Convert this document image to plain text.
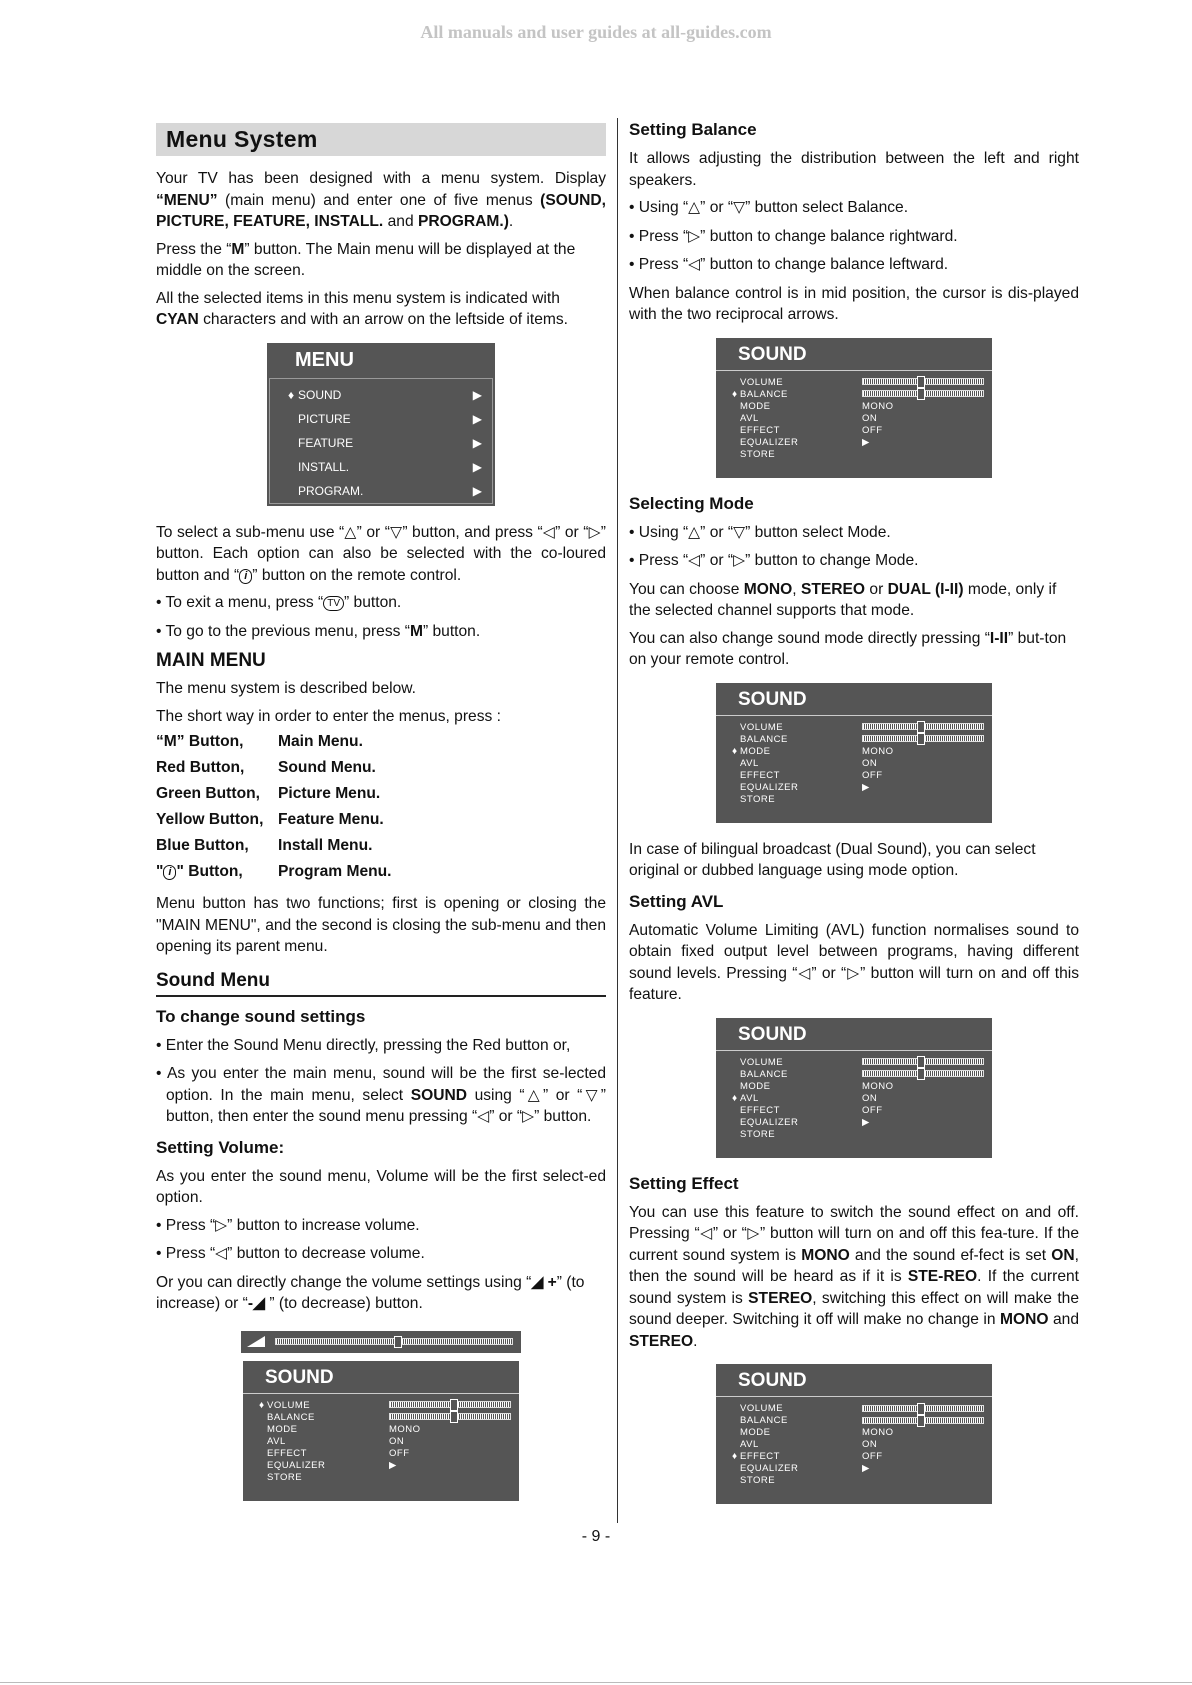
All manuals and user guides at all-guides.com
Menu System

Your TV has been designed with a menu system. Display “MENU” (main menu) and enter one of five menus (SOUND, PICTURE, FEATURE, INSTALL. and PROGRAM.).

Press the “M” button. The Main menu will be displayed at the middle on the screen.

All the selected items in this menu system is indicated with CYAN characters and with an arrow on the leftside of items.

MENU
♦ SOUND	▶
PICTURE	▶
FEATURE	▶
INSTALL.	▶
PROGRAM.	▶

To select a sub-menu use “△” or “▽” button, and press “◁” or “▷” button. Each option can also be selected with the co-loured button and “ i ” button on the remote control.

• To exit a menu, press “ TV ” button.

• To go to the previous menu, press “M” button.

MAIN MENU

The menu system is described below.

The short way in order to enter the menus, press :

“M” Button,	Main Menu.
Red Button,	Sound Menu.
Green Button,	Picture Menu.
Yellow Button,	Feature Menu.
Blue Button,	Install Menu.
" i " Button,	Program Menu.

Menu button has two functions; first is opening or closing the "MAIN MENU", and the second is closing the sub-menu and then opening its parent menu.

Sound Menu
To change sound settings

• Enter the Sound Menu directly, pressing the Red button or,

• As you enter the main menu, sound will be the first se-lected option. In the main menu, select SOUND using “△” or “▽” button, then enter the sound menu pressing “◁” or “▷” button.

Setting Volume:

As you enter the sound menu, Volume will be the first select-ed option.

• Press “▷” button to increase volume.

• Press “◁” button to decrease volume.

Or you can directly change the volume settings using “◢ +” (to increase) or “-◢ ” (to decrease) button.

SOUND
♦ VOLUME
BALANCE
MODE	MONO
AVL	ON
EFFECT	OFF
EQUALIZER	▶
STORE
Setting Balance

It allows adjusting the distribution between the left and right speakers.

• Using “△” or “▽” button select Balance.

• Press “▷” button to change balance rightward.

• Press “◁” button to change balance leftward.

When balance control is in mid position, the cursor is dis-played with the two reciprocal arrows.

SOUND
VOLUME
♦ BALANCE
MODE	MONO
AVL	ON
EFFECT	OFF
EQUALIZER	▶
STORE
Selecting Mode

• Using “△” or “▽” button select Mode.

• Press “◁” or “▷” button to change Mode.

You can choose MONO, STEREO or DUAL (I-II) mode, only if the selected channel supports that mode.

You can also change sound mode directly pressing “I-II” but-ton on your remote control.

SOUND
VOLUME
BALANCE
♦ MODE	MONO
AVL	ON
EFFECT	OFF
EQUALIZER	▶
STORE

In case of bilingual broadcast (Dual Sound), you can select original or dubbed language using mode option.

Setting AVL

Automatic Volume Limiting (AVL) function normalises sound to obtain fixed output level between programs, having different sound levels. Pressing “◁” or “▷” button will turn on and off this feature.

SOUND
VOLUME
BALANCE
MODE	MONO
♦ AVL	ON
EFFECT	OFF
EQUALIZER	▶
STORE
Setting Effect

You can use this feature to switch the sound effect on and off. Pressing “◁” or “▷” button will turn on and off this fea-ture. If the current sound system is MONO and the sound ef-fect is set ON, then the sound will be heard as if it is STE-REO. If the current sound system is STEREO, switching this effect on will make the sound deeper. Switching it off will make no change in MONO and STEREO.

SOUND
VOLUME
BALANCE
MODE	MONO
AVL	ON
♦ EFFECT	OFF
EQUALIZER	▶
STORE
- 9 -
